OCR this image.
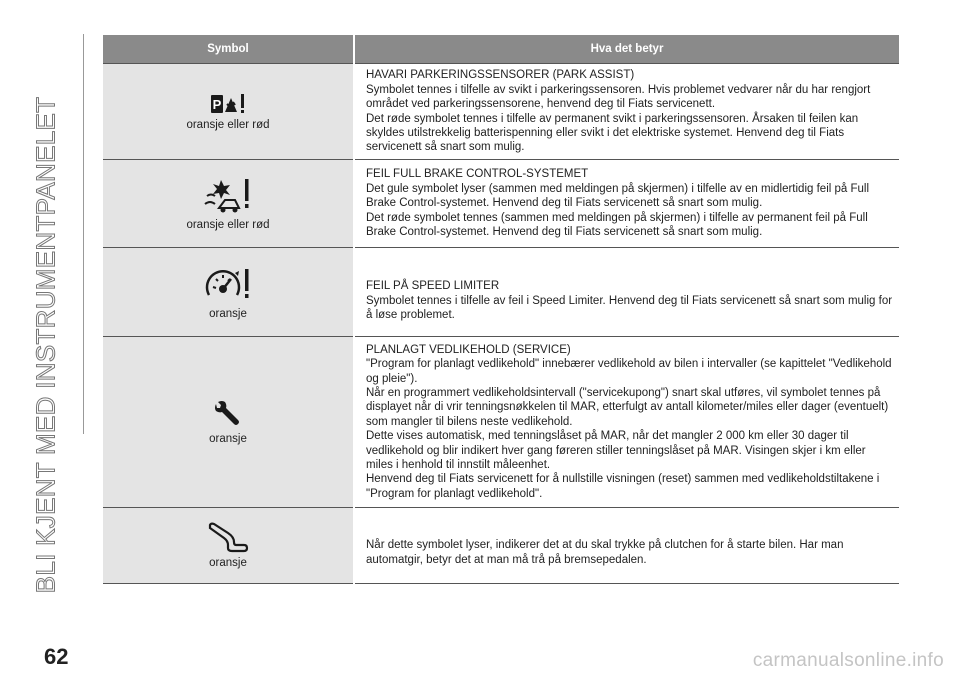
BLI KJENT MED INSTRUMENTPANELET
Symbol	Hva det betyr

P
oransje eller rød	HAVARI PARKERINGSSENSORER (PARK ASSIST)
Symbolet tennes i tilfelle av svikt i parkeringssensoren. Hvis problemet vedvarer når du har rengjort området ved parkeringssensorene, henvend deg til Fiats servicenett.
Det røde symbolet tennes i tilfelle av permanent svikt i parkeringssensoren. Årsaken til feilen kan skyldes utilstrekkelig batterispenning eller svikt i det elektriske systemet. Henvend deg til Fiats servicenett så snart som mulig.

oransje eller rød	FEIL FULL BRAKE CONTROL-SYSTEMET
Det gule symbolet lyser (sammen med meldingen på skjermen) i tilfelle av en midlertidig feil på Full Brake Control-systemet. Henvend deg til Fiats servicenett så snart som mulig.
Det røde symbolet tennes (sammen med meldingen på skjermen) i tilfelle av permanent feil på Full Brake Control-systemet. Henvend deg til Fiats servicenett så snart som mulig.

oransje	FEIL PÅ SPEED LIMITER
Symbolet tennes i tilfelle av feil i Speed Limiter. Henvend deg til Fiats servicenett så snart som mulig for å løse problemet.

oransje	PLANLAGT VEDLIKEHOLD (SERVICE)
"Program for planlagt vedlikehold" innebærer vedlikehold av bilen i intervaller (se kapittelet "Vedlikehold og pleie").
Når en programmert vedlikeholdsintervall ("servicekupong") snart skal utføres, vil symbolet tennes på displayet når di vrir tenningsnøkkelen til MAR, etterfulgt av antall kilometer/miles eller dager (eventuelt) som mangler til bilens neste vedlikehold.
Dette vises automatisk, med tenningslåset på MAR, når det mangler 2 000 km eller 30 dager til vedlikehold og blir indikert hver gang føreren stiller tenningslåset på MAR. Visingen skjer i km eller miles i henhold til innstilt måleenhet.
Henvend deg til Fiats servicenett for å nullstille visningen (reset) sammen med vedlikeholdstiltakene i "Program for planlagt vedlikehold".

oransje	Når dette symbolet lyser, indikerer det at du skal trykke på clutchen for å starte bilen. Har man automatgir, betyr det at man må trå på bremsepedalen.
62	carmanualsonline.info
